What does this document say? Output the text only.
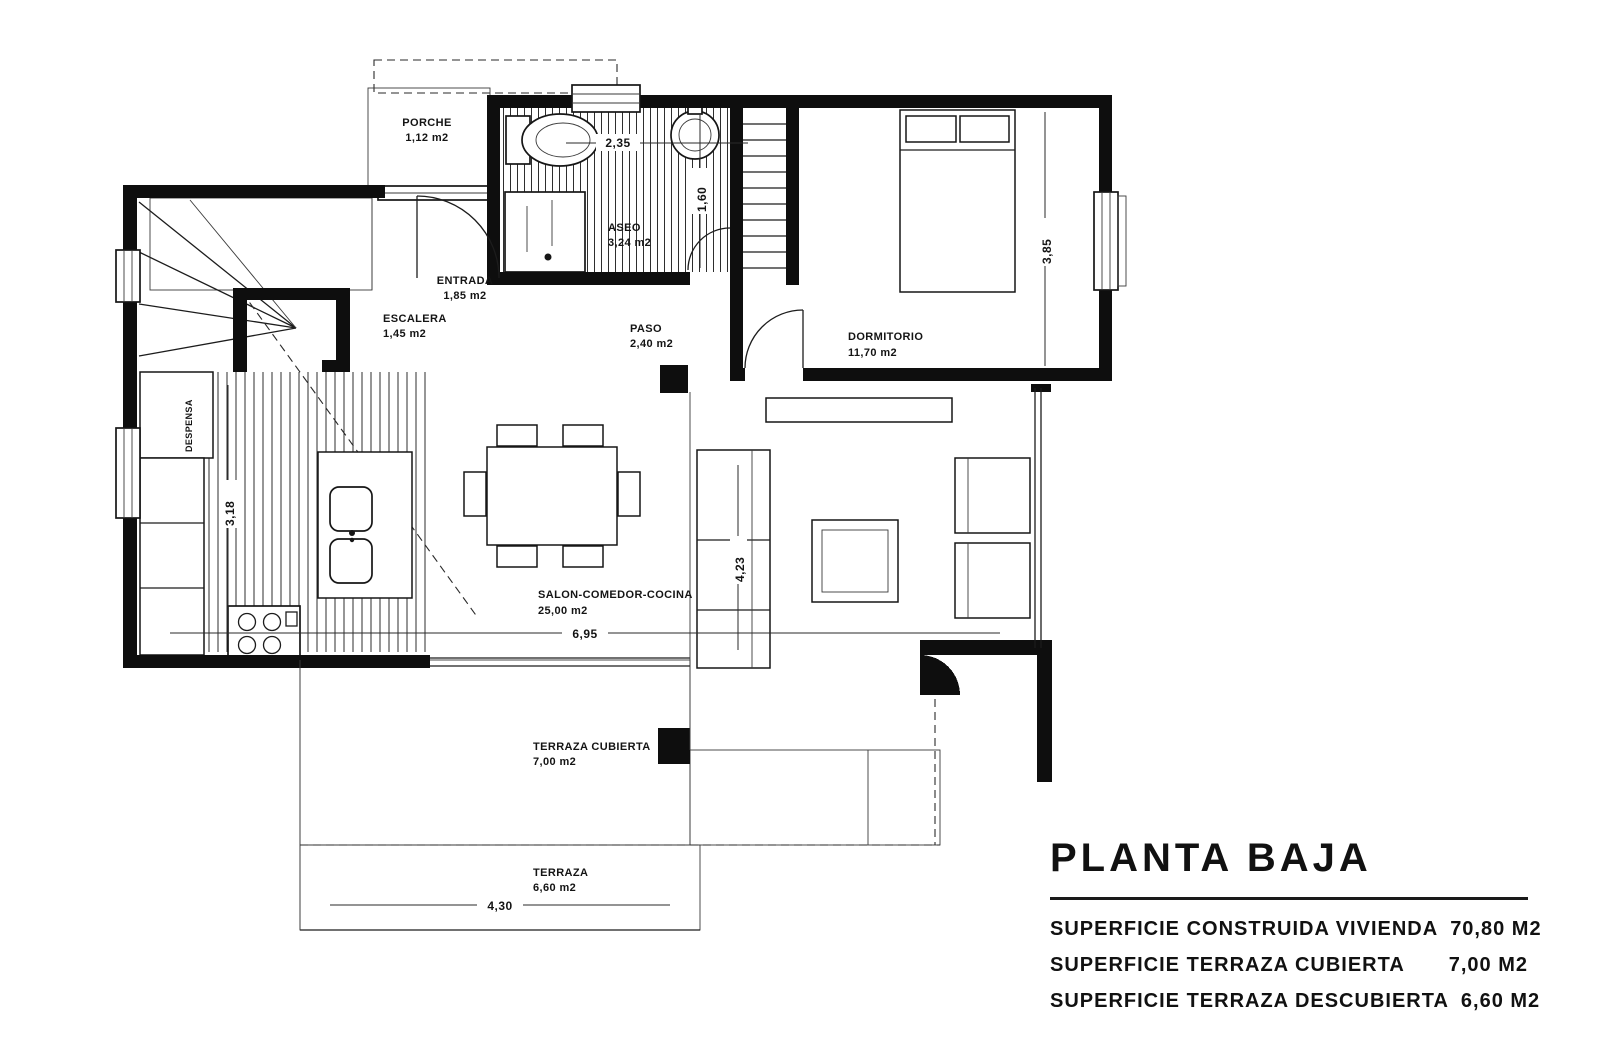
PORCHE
1,12 m2
ENTRADA
1,85 m2
ESCALERA
1,45 m2
ASEO
3,24 m2
PASO
2,40 m2
DORMITORIO
11,70 m2
SALON-COMEDOR-COCINA
25,00 m2
TERRAZA CUBIERTA
7,00 m2
TERRAZA
6,60 m2
DESPENSA
2,35
1,60
3,85
3,18
4,23
6,95
4,30
PLANTA BAJA
SUPERFICIE CONSTRUIDA VIVIENDA 70,80 M2
SUPERFICIE TERRAZA CUBIERTA 7,00 M2
SUPERFICIE TERRAZA DESCUBIERTA 6,60 M2
